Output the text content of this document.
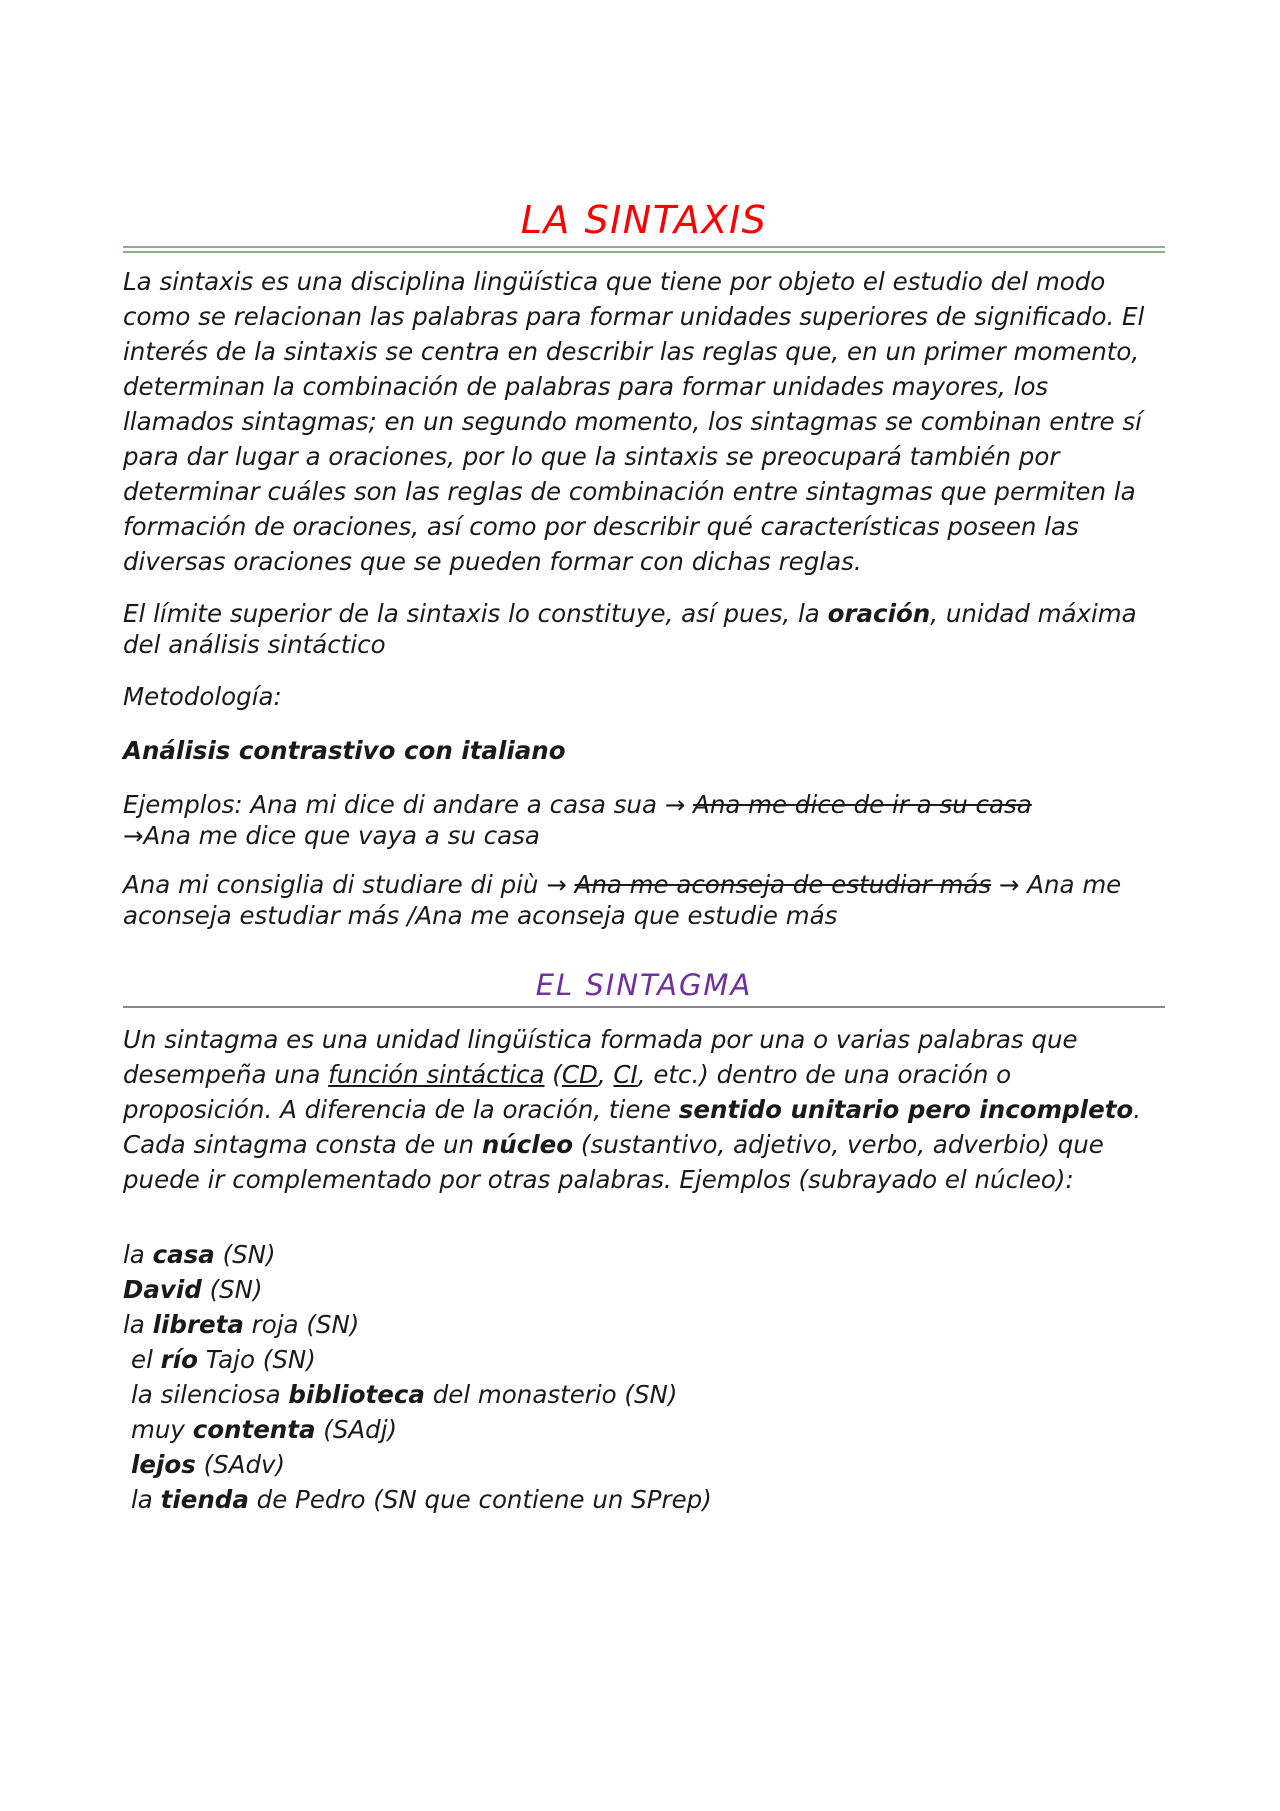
LA SINTAXIS

La sintaxis es una disciplina lingüística que tiene por objeto el estudio del modo como se relacionan las palabras para formar unidades superiores de significado. El interés de la sintaxis se centra en describir las reglas que, en un primer momento, determinan la combinación de palabras para formar unidades mayores, los llamados sintagmas; en un segundo momento, los sintagmas se combinan entre sí para dar lugar a oraciones, por lo que la sintaxis se preocupará también por determinar cuáles son las reglas de combinación entre sintagmas que permiten la formación de oraciones, así como por describir qué características poseen las diversas oraciones que se pueden formar con dichas reglas.

El límite superior de la sintaxis lo constituye, así pues, la oración, unidad máxima del análisis sintáctico

Metodología:

Análisis contrastivo con italiano

Ejemplos: Ana mi dice di andare a casa sua → Ana me dice de ir a su casa
→Ana me dice que vaya a su casa

Ana mi consiglia di studiare di più → Ana me aconseja de estudiar más → Ana me aconseja estudiar más /Ana me aconseja que estudie más

EL SINTAGMA

Un sintagma es una unidad lingüística formada por una o varias palabras que desempeña una función sintáctica (CD, CI, etc.) dentro de una oración o proposición. A diferencia de la oración, tiene sentido unitario pero incompleto. Cada sintagma consta de un núcleo (sustantivo, adjetivo, verbo, adverbio) que puede ir complementado por otras palabras. Ejemplos (subrayado el núcleo):

la casa (SN)
David (SN)
la libreta roja (SN)
el río Tajo (SN)
la silenciosa biblioteca del monasterio (SN)
muy contenta (SAdj)
lejos (SAdv)
la tienda de Pedro (SN que contiene un SPrep)
